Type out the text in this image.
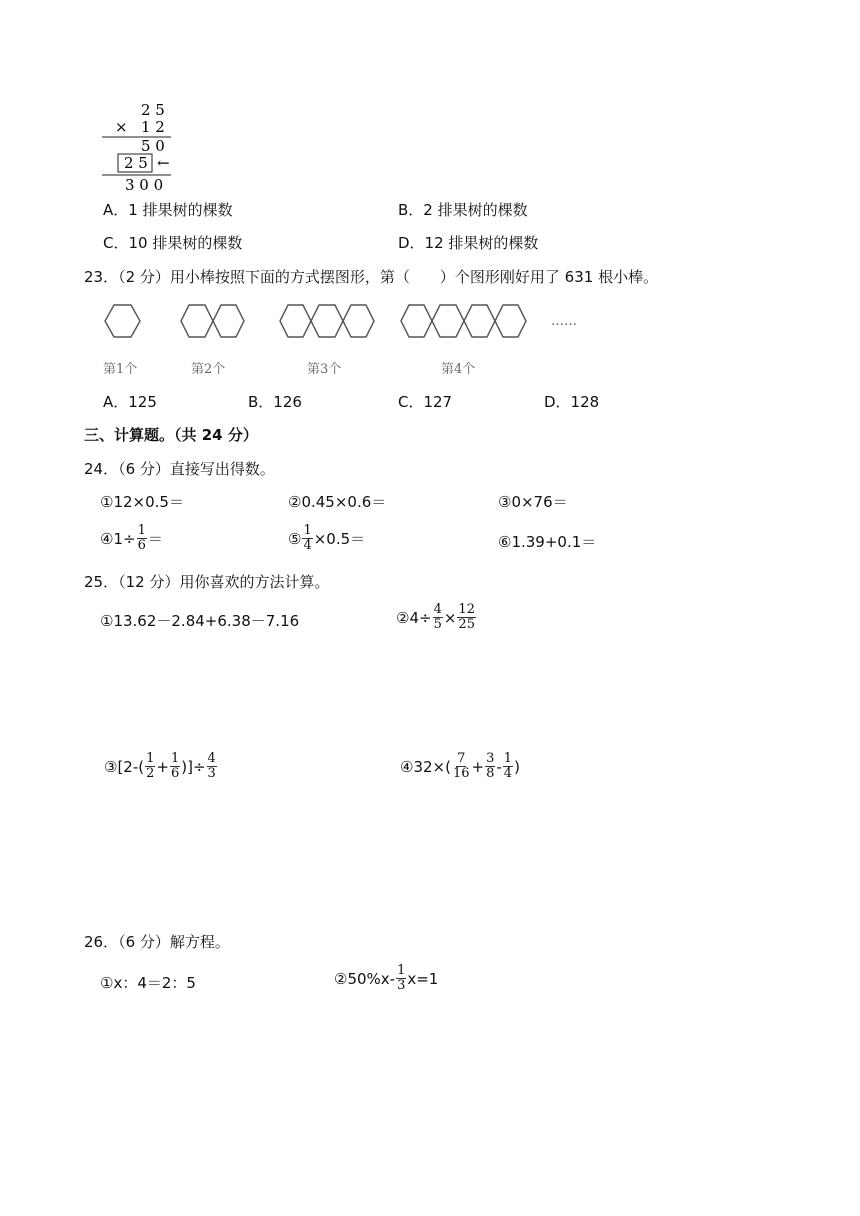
2 5
× 1 2
5 0
2 5 ←
3 0 0
A．1 排果树的棵数	B．2 排果树的棵数
C．10 排果树的棵数	D．12 排果树的棵数
23．（2 分）用小棒按照下面的方式摆图形，第（　　）个图形刚好用了 631 根小棒。
……
第1个	第2个	第3个	第4个
A．125	B．126	C．127	D．128
三、计算题。（共 24 分）
24．（6 分）直接写出得数。
①12×0.5＝	②0.45×0.6＝	③0×76＝
④1÷ $\frac{1}{6}$ ＝	⑤ $\frac{1}{4} \times 0.5=$	⑥1.39+0.1＝
25．（12 分）用你喜欢的方法计算。
①13.62－2.84+6.38－7.16	②4÷ $\frac{4}{5} \times \frac{12}{25}$
③[2-( $\frac{1}{2} + \frac{1}{6}$ )]÷ $\frac{4}{3}$	④32×( $\frac{7}{16} + \frac{3}{8} - \frac{1}{4}$ )
26．（6 分）解方程。
①x：4＝2：5	②50%x- $\frac{1}{3} x=1$
